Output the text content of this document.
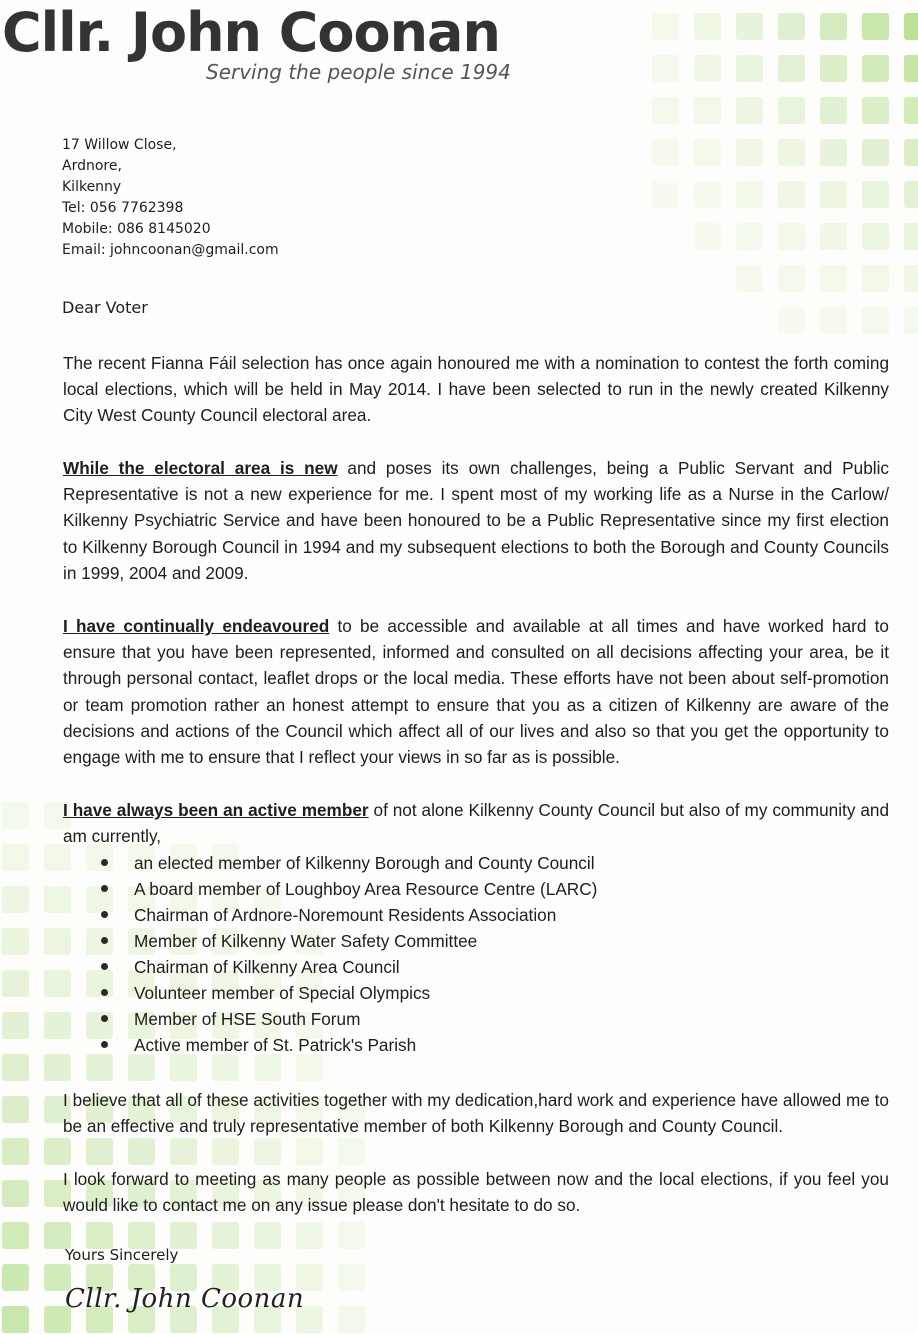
Cllr. John Coonan
Serving the people since 1994
17 Willow Close,
Ardnore,
Kilkenny
Tel: 056 7762398
Mobile: 086 8145020
Email: johncoonan@gmail.com
Dear Voter
The recent Fianna Fáil selection has once again honoured me with a nomination to contest the forth coming local elections, which will be held in May 2014. I have been selected to run in the newly created Kilkenny City West County Council electoral area.
While the electoral area is new and poses its own challenges, being a Public Servant and Public Representative is not a new experience for me. I spent most of my working life as a Nurse in the Carlow/ Kilkenny Psychiatric Service and have been honoured to be a Public Representative since my first election to Kilkenny Borough Council in 1994 and my subsequent elections to both the Borough and County Councils in 1999, 2004 and 2009.
I have continually endeavoured to be accessible and available at all times and have worked hard to ensure that you have been represented, informed and consulted on all decisions affecting your area, be it through personal contact, leaflet drops or the local media. These efforts have not been about self-promotion or team promotion rather an honest attempt to ensure that you as a citizen of Kilkenny are aware of the decisions and actions of the Council which affect all of our lives and also so that you get the opportunity to engage with me to ensure that I reflect your views in so far as is possible.
I have always been an active member of not alone Kilkenny County Council but also of my community and am currently,
an elected member of Kilkenny Borough and County Council
A board member of Loughboy Area Resource Centre (LARC)
Chairman of Ardnore-Noremount Residents Association
Member of Kilkenny Water Safety Committee
Chairman of Kilkenny Area Council
Volunteer member of Special Olympics
Member of HSE South Forum
Active member of St. Patrick's Parish
I believe that all of these activities together with my dedication,hard work and experience have allowed me to be an effective and truly representative member of both Kilkenny Borough and County Council.
I look forward to meeting as many people as possible between now and the local elections, if you feel you would like to contact me on any issue please don't hesitate to do so.
Yours Sincerely
Cllr. John Coonan
